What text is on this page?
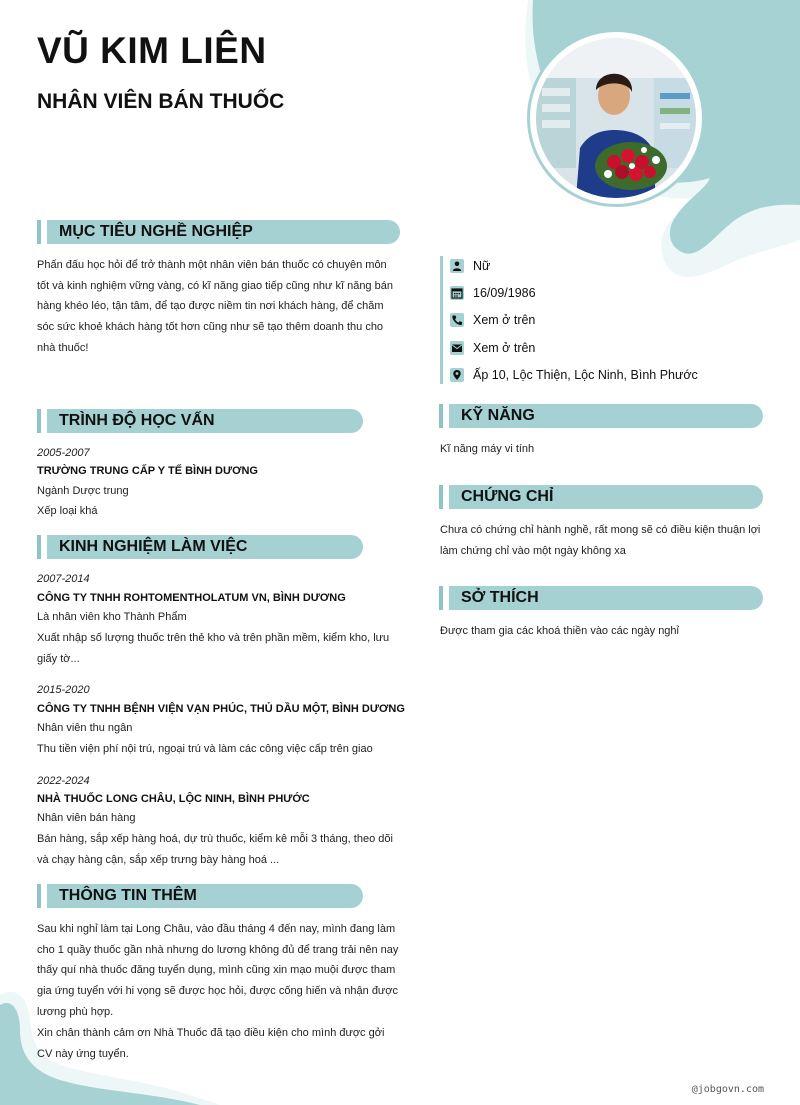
VŨ KIM LIÊN
NHÂN VIÊN BÁN THUỐC
MỤC TIÊU NGHỀ NGHIỆP

Phấn đấu học hỏi để trở thành một nhân viên bán thuốc có chuyên môn

tốt và kinh nghiệm vững vàng, có kĩ năng giao tiếp cũng như kĩ năng bán

hàng khéo léo, tận tâm, để tạo được niềm tin nơi khách hàng, để chăm

sóc sức khoẻ khách hàng tốt hơn cũng như sẽ tạo thêm doanh thu cho

nhà thuốc!

TRÌNH ĐỘ HỌC VẤN

2005-2007

TRƯỜNG TRUNG CẤP Y TẾ BÌNH DƯƠNG

Ngành Dược trung

Xếp loại khá

KINH NGHIỆM LÀM VIỆC

2007-2014

CÔNG TY TNHH ROHTOMENTHOLATUM VN, BÌNH DƯƠNG

Là nhân viên kho Thành Phẩm

Xuất nhập số lượng thuốc trên thẻ kho và trên phần mềm, kiểm kho, lưu

giấy tờ...

2015-2020

CÔNG TY TNHH BỆNH VIỆN VẠN PHÚC, THỦ DẦU MỘT, BÌNH DƯƠNG

Nhân viên thu ngân

Thu tiền viện phí nội trú, ngoại trú và làm các công việc cấp trên giao

2022-2024

NHÀ THUỐC LONG CHÂU, LỘC NINH, BÌNH PHƯỚC

Nhân viên bán hàng

Bán hàng, sắp xếp hàng hoá, dự trù thuốc, kiểm kê mỗi 3 tháng, theo dõi

và chạy hàng cận, sắp xếp trưng bày hàng hoá ...

THÔNG TIN THÊM

Sau khi nghỉ làm tại Long Châu, vào đầu tháng 4 đến nay, mình đang làm

cho 1 quầy thuốc gần nhà nhưng do lương không đủ để trang trải nên nay

thấy quí nhà thuốc đăng tuyển dụng, mình cũng xin mạo muội được tham

gia ứng tuyển với hi vọng sẽ được học hỏi, được cống hiến và nhận được

lương phù hợp.

Xin chân thành cảm ơn Nhà Thuốc đã tạo điều kiện cho mình được gởi

CV này ứng tuyển.

Nữ
16/09/1986
Xem ở trên
Xem ở trên
Ấp 10, Lộc Thiện, Lộc Ninh, Bình Phước
KỸ NĂNG

Kĩ năng máy vi tính

CHỨNG CHỈ

Chưa có chứng chỉ hành nghề, rất mong sẽ có điều kiện thuận lợi

làm chứng chỉ vào một ngày không xa

SỞ THÍCH

Được tham gia các khoá thiền vào các ngày nghỉ

@jobgovn.com
